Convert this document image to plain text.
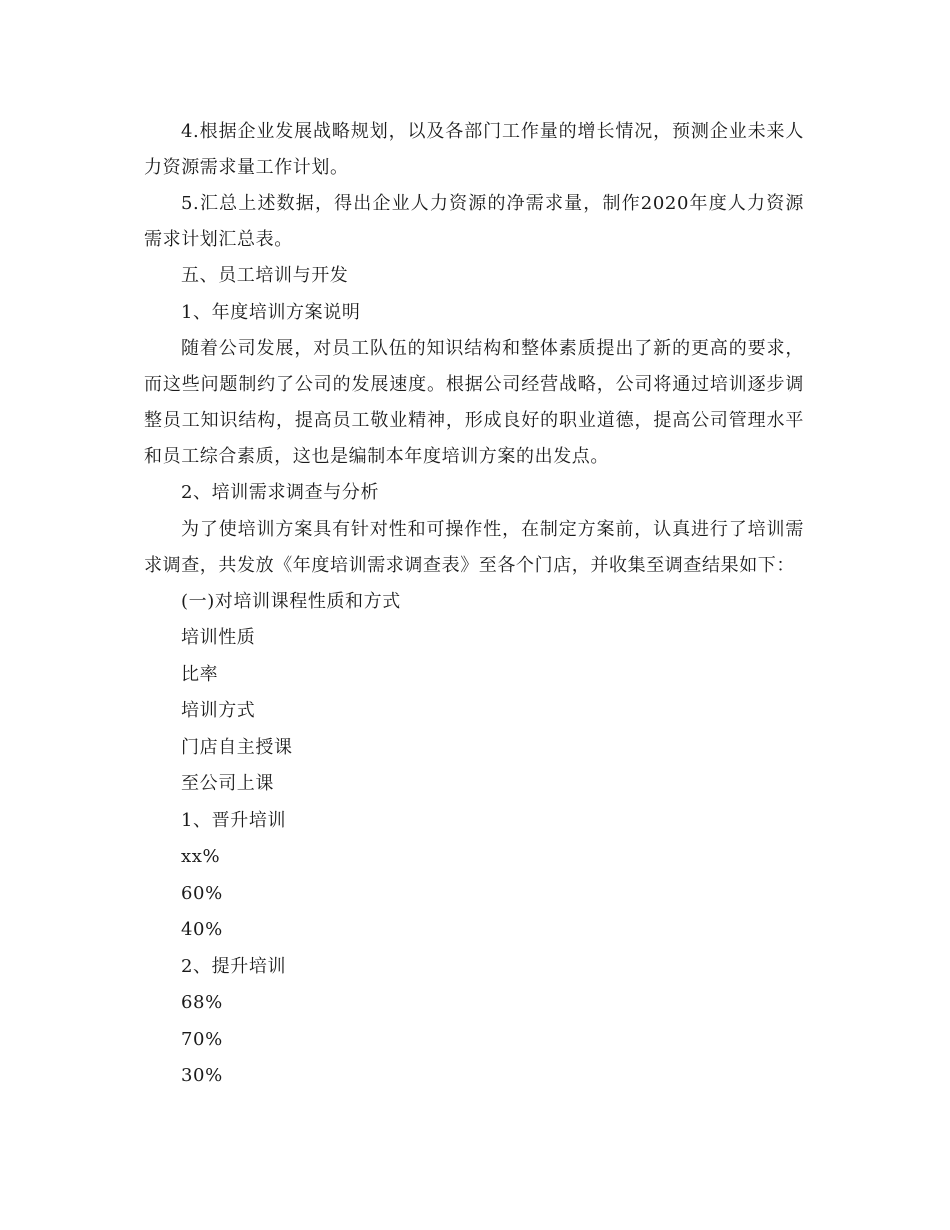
4.根据企业发展战略规划，以及各部门工作量的增长情况，预测企业未来人力资源需求量工作计划。

5.汇总上述数据，得出企业人力资源的净需求量，制作2020年度人力资源需求计划汇总表。

五、员工培训与开发

1、年度培训方案说明

随着公司发展，对员工队伍的知识结构和整体素质提出了新的更高的要求，而这些问题制约了公司的发展速度。根据公司经营战略，公司将通过培训逐步调整员工知识结构，提高员工敬业精神，形成良好的职业道德，提高公司管理水平和员工综合素质，这也是编制本年度培训方案的出发点。

2、培训需求调查与分析

为了使培训方案具有针对性和可操作性，在制定方案前，认真进行了培训需求调查，共发放《年度培训需求调查表》至各个门店，并收集至调查结果如下：

(一)对培训课程性质和方式

培训性质

比率

培训方式

门店自主授课

至公司上课

1、晋升培训

xx%

60%

40%

2、提升培训

68%

70%

30%
